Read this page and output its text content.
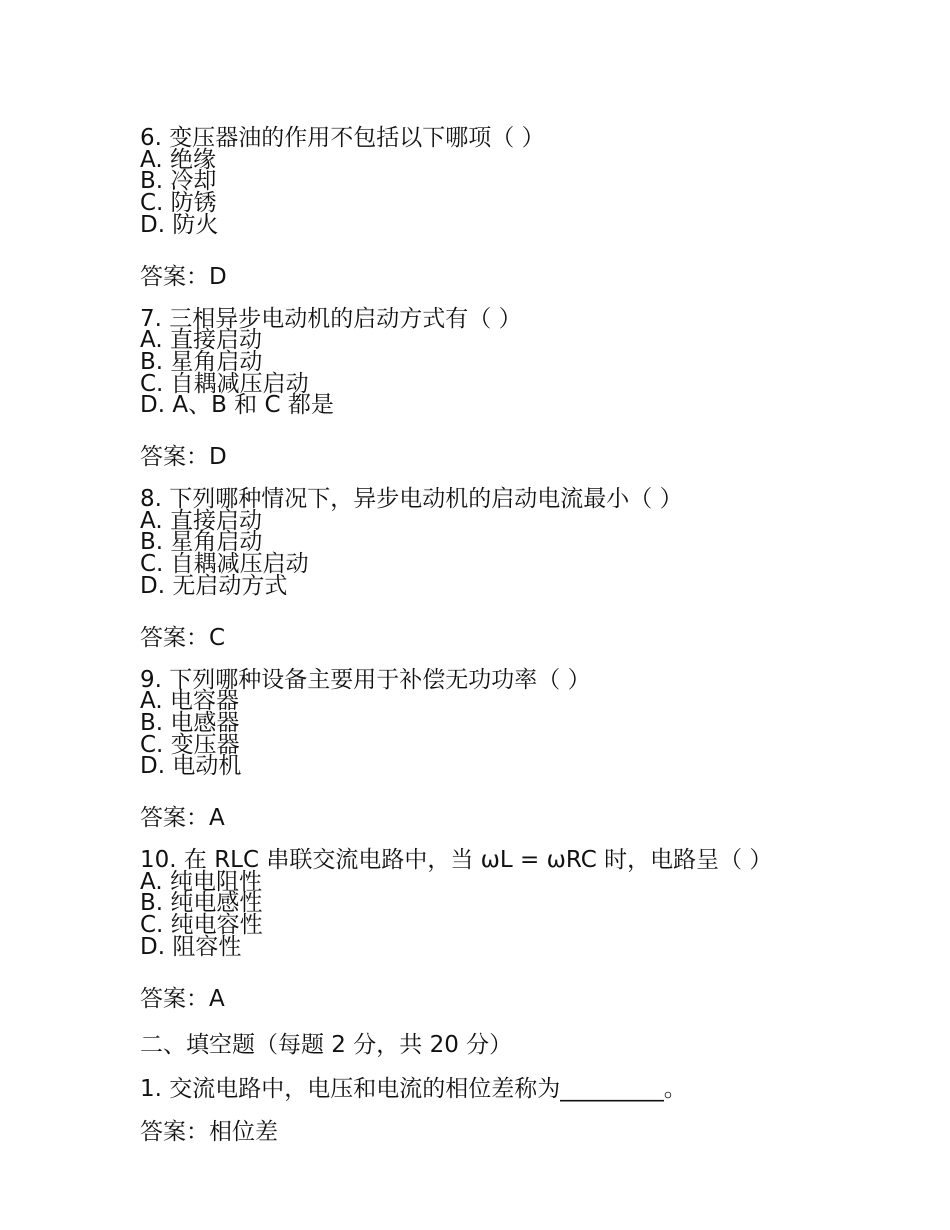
6. 变压器油的作用不包括以下哪项（ ）

A. 绝缘

B. 冷却

C. 防锈

D. 防火

答案：D

7. 三相异步电动机的启动方式有（ ）

A. 直接启动

B. 星角启动

C. 自耦减压启动

D. A、B 和 C 都是

答案：D

8. 下列哪种情况下，异步电动机的启动电流最小（ ）

A. 直接启动

B. 星角启动

C. 自耦减压启动

D. 无启动方式

答案：C

9. 下列哪种设备主要用于补偿无功功率（ ）

A. 电容器

B. 电感器

C. 变压器

D. 电动机

答案：A

10. 在 RLC 串联交流电路中，当 ωL = ωRC 时，电路呈（ ）

A. 纯电阻性

B. 纯电感性

C. 纯电容性

D. 阻容性

答案：A

二、填空题（每题 2 分，共 20 分）

1. 交流电路中，电压和电流的相位差称为_________。

答案：相位差
